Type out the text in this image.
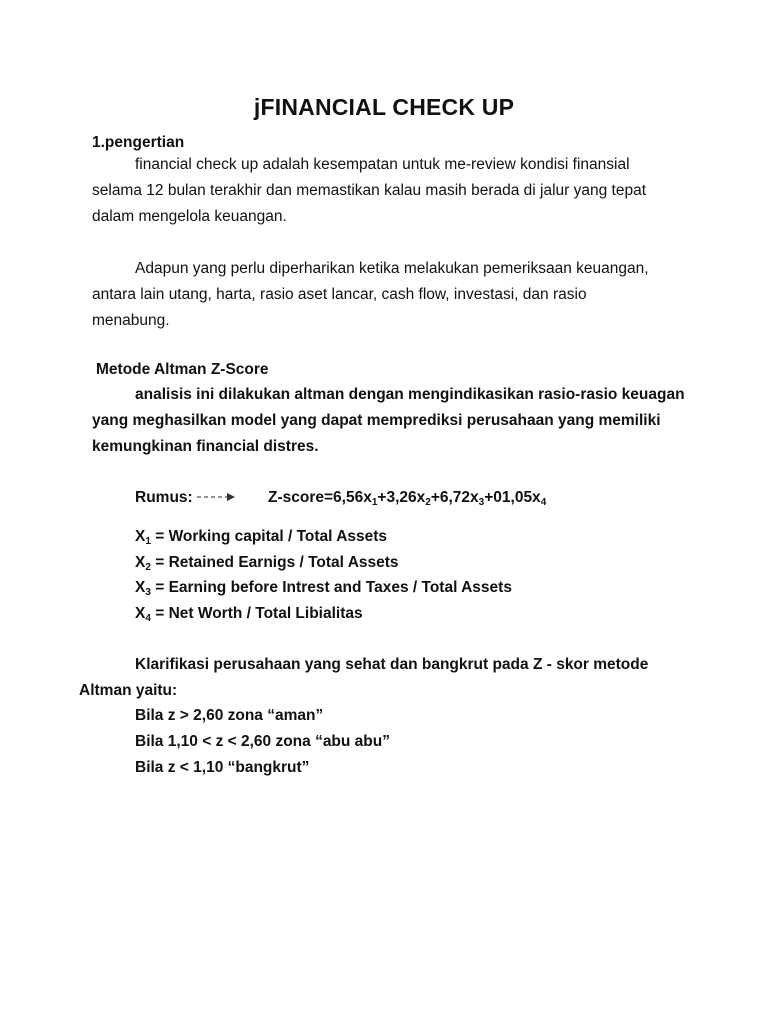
jFINANCIAL CHECK UP
1.pengertian
financial check up adalah kesempatan untuk me-review kondisi finansial
selama 12 bulan terakhir dan memastikan kalau masih berada di jalur yang tepat
dalam mengelola keuangan.
Adapun yang perlu diperharikan ketika melakukan pemeriksaan keuangan,
antara lain utang, harta, rasio aset lancar, cash flow, investasi, dan rasio
menabung.
Metode Altman Z-Score
analisis ini dilakukan altman dengan mengindikasikan rasio-rasio keuagan
yang meghasilkan model yang dapat memprediksi perusahaan yang memiliki
kemungkinan financial distres.
Rumus:	$Z-score=6,56x_1+3,26x_2+6,72x_3+01,05x_4$
$X_1$ = Working capital / Total Assets
$X_2$ = Retained Earnigs / Total Assets
$X_3$ = Earning before Intrest and Taxes / Total Assets
$X_4$ = Net Worth / Total Libialitas
Klarifikasi perusahaan yang sehat dan bangkrut pada Z - skor metode
Altman yaitu:
Bila z > 2,60 zona “aman”
Bila 1,10 < z < 2,60 zona “abu abu”
Bila z < 1,10 “bangkrut”
